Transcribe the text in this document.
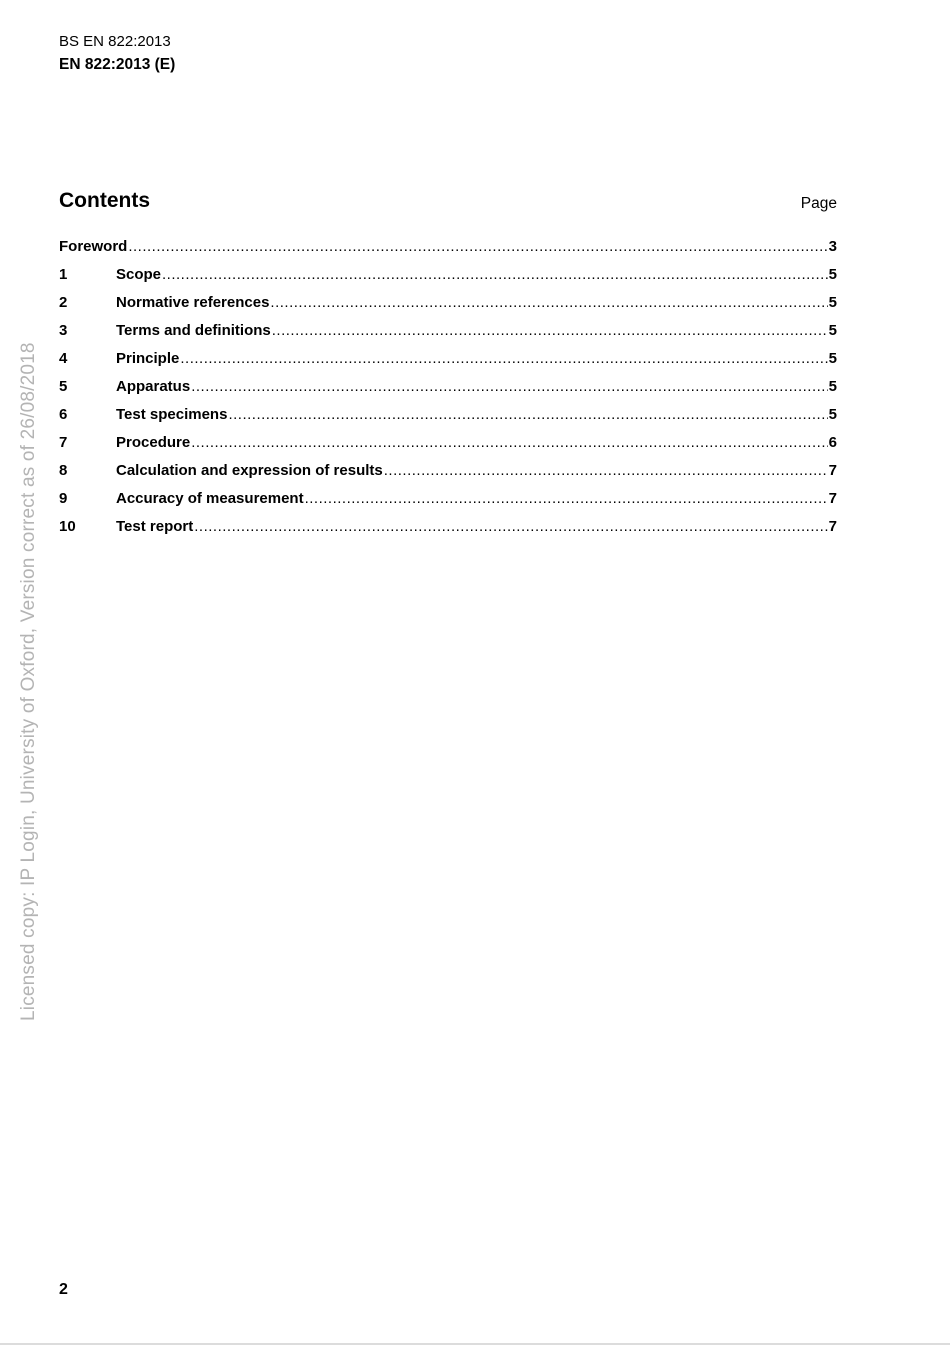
BS EN 822:2013
EN 822:2013 (E)
Contents	Page
Foreword .....	3
1	Scope .....	5
2	Normative references .....	5
3	Terms and definitions .....	5
4	Principle .....	5
5	Apparatus .....	5
6	Test specimens .....	5
7	Procedure .....	6
8	Calculation and expression of results .....	7
9	Accuracy of measurement .....	7
10	Test report .....	7
Licensed copy: IP Login, University of Oxford, Version correct as of 26/08/2018
2
